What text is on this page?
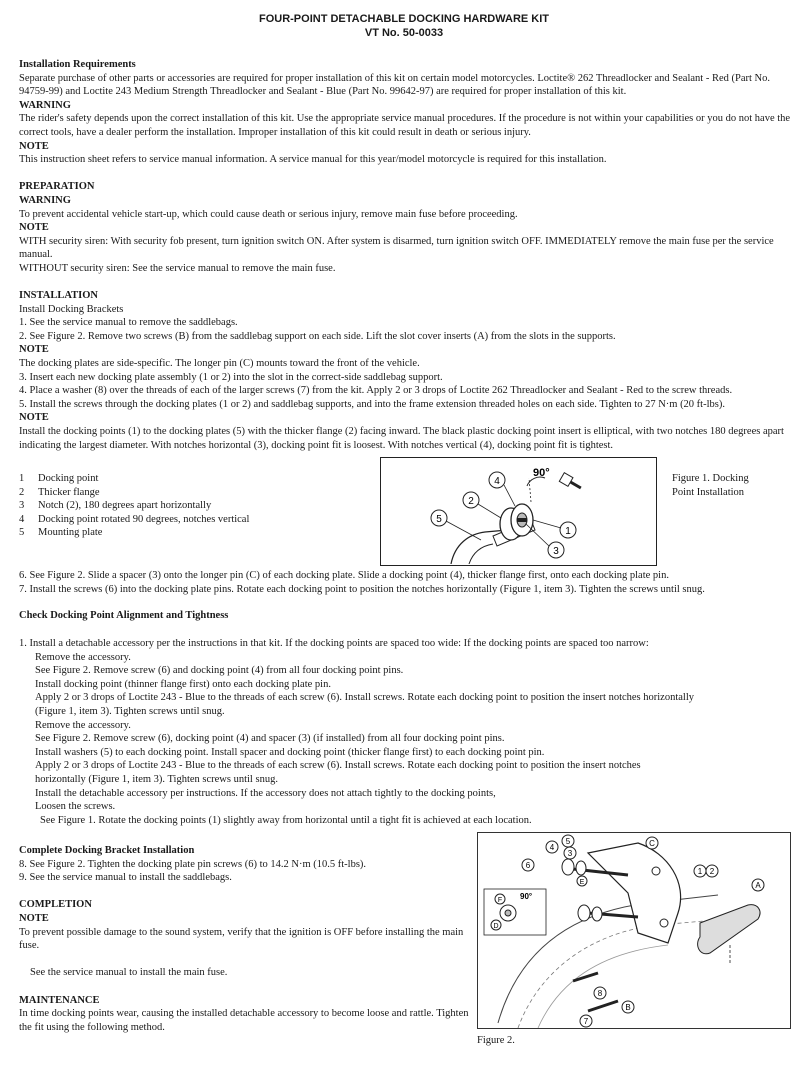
FOUR-POINT DETACHABLE DOCKING HARDWARE KIT
VT No. 50-0033

Installation Requirements

Separate purchase of other parts or accessories are required for proper installation of this kit on certain model motorcycles. Loctite® 262 Threadlocker and Sealant - Red (Part No. 94759-99) and Loctite 243 Medium Strength Threadlocker and Sealant - Blue (Part No. 99642-97) are required for proper installation of this kit.

WARNING

The rider's safety depends upon the correct installation of this kit. Use the appropriate service manual procedures. If the procedure is not within your capabilities or you do not have the correct tools, have a dealer perform the installation. Improper installation of this kit could result in death or serious injury.

NOTE

This instruction sheet refers to service manual information. A service manual for this year/model motorcycle is required for this installation.

PREPARATION

WARNING

To prevent accidental vehicle start-up, which could cause death or serious injury, remove main fuse before proceeding.

NOTE

WITH security siren: With security fob present, turn ignition switch ON. After system is disarmed, turn ignition switch OFF. IMMEDIATELY remove the main fuse per the service manual.

WITHOUT security siren: See the service manual to remove the main fuse.

INSTALLATION

Install Docking Brackets

1. See the service manual to remove the saddlebags.

2. See Figure 2. Remove two screws (B) from the saddlebag support on each side. Lift the slot cover inserts (A) from the slots in the supports.

NOTE

The docking plates are side-specific. The longer pin (C) mounts toward the front of the vehicle.

3. Insert each new docking plate assembly (1 or 2) into the slot in the correct-side saddlebag support.

4. Place a washer (8) over the threads of each of the larger screws (7) from the kit. Apply 2 or 3 drops of Loctite 262 Threadlocker and Sealant - Red to the screw threads.

5. Install the screws through the docking plates (1 or 2) and saddlebag supports, and into the frame extension threaded holes on each side. Tighten to 27 N·m (20 ft-lbs).

NOTE

Install the docking points (1) to the docking plates (5) with the thicker flange (2) facing inward. The black plastic docking point insert is elliptical, with two notches 180 degrees apart indicating the largest diameter. With notches horizontal (3), docking point fit is loosest. With notches vertical (4), docking point fit is tightest.

1	Docking point
2	Thicker flange
3	Notch (2), 180 degrees apart horizontally
4	Docking point rotated 90 degrees, notches vertical
5	Mounting plate
90°
4
2
5
1
3

Figure 1. Docking

Point Installation

6. See Figure 2. Slide a spacer (3) onto the longer pin (C) of each docking plate. Slide a docking point (4), thicker flange first, onto each docking plate pin.

7. Install the screws (6) into the docking plate pins. Rotate each docking point to position the notches horizontally (Figure 1, item 3). Tighten the screws until snug.

Check Docking Point Alignment and Tightness

1. Install a detachable accessory per the instructions in that kit. If the docking points are spaced too wide: If the docking points are spaced too narrow:

Remove the accessory.

See Figure 2. Remove screw (6) and docking point (4) from all four docking point pins.

Install docking point (thinner flange first) onto each docking plate pin.

Apply 2 or 3 drops of Loctite 243 - Blue to the threads of each screw (6). Install screws. Rotate each docking point to position the insert notches horizontally

(Figure 1, item 3). Tighten screws until snug.

Remove the accessory.

See Figure 2. Remove screw (6), docking point (4) and spacer (3) (if installed) from all four docking point pins.

Install washers (5) to each docking point. Install spacer and docking point (thicker flange first) to each docking point pin.

Apply 2 or 3 drops of Loctite 243 - Blue to the threads of each screw (6). Install screws. Rotate each docking point to position the insert notches

horizontally (Figure 1, item 3). Tighten screws until snug.

Install the detachable accessory per instructions. If the accessory does not attach tightly to the docking points,

Loosen the screws.

See Figure 1. Rotate the docking points (1) slightly away from horizontal until a tight fit is achieved at each location.

Complete Docking Bracket Installation

8. See Figure 2. Tighten the docking plate pin screws (6) to 14.2 N·m (10.5 ft-lbs).

9. See the service manual to install the saddlebags.

COMPLETION

NOTE

To prevent possible damage to the sound system, verify that the ignition is OFF before installing the main fuse.

See the service manual to install the main fuse.

MAINTENANCE

In time docking points wear, causing the installed detachable accessory to become loose and rattle. Tighten the fit using the following method.

90°
A
B
C
D
E
F
1 2
3
4
5
6
7
8
Figure 2.
